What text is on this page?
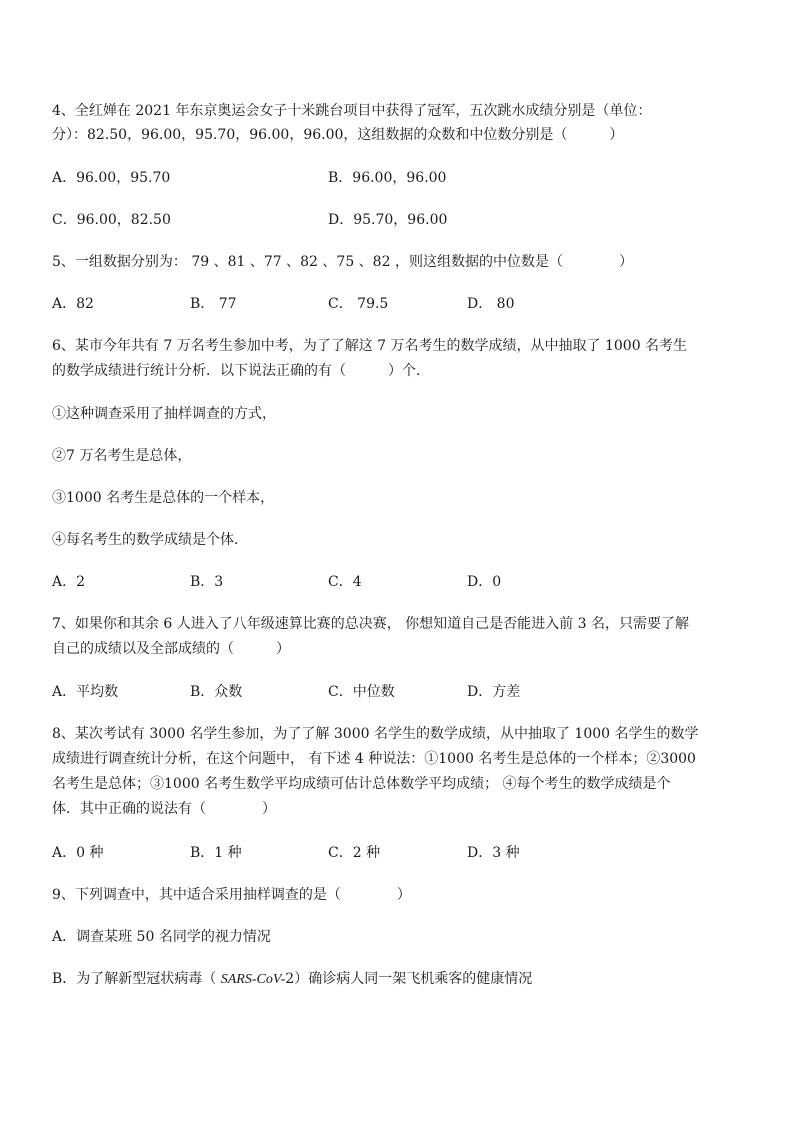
4、全红婵在 2021 年东京奥运会女子十米跳台项目中获得了冠军，五次跳水成绩分别是（单位：
分）：82.50，96.00，95.70，96.00，96.00，这组数据的众数和中位数分别是（　　　）
A．96.00，95.70	B．96.00，96.00
C．96.00，82.50	D．95.70，96.00
5、一组数据分别为： 79 、81 、77 、82 、75 、82 ，则这组数据的中位数是（　　　　）
A．82	B． 77	C． 79.5	D． 80
6、某市今年共有 7 万名考生参加中考，为了了解这 7 万名考生的数学成绩，从中抽取了 1000 名考生
的数学成绩进行统计分析．以下说法正确的有（　　　）个．
①这种调查采用了抽样调查的方式，
②7 万名考生是总体，
③1000 名考生是总体的一个样本，
④每名考生的数学成绩是个体．
A．2	B．3	C．4	D．0
7、如果你和其余 6 人进入了八年级速算比赛的总决赛， 你想知道自己是否能进入前 3 名，只需要了解
自己的成绩以及全部成绩的（　　　）
A．平均数	B．众数	C．中位数	D．方差
8、某次考试有 3000 名学生参加，为了了解 3000 名学生的数学成绩，从中抽取了 1000 名学生的数学
成绩进行调查统计分析，在这个问题中， 有下述 4 种说法：①1000 名考生是总体的一个样本；②3000
名考生是总体；③1000 名考生数学平均成绩可估计总体数学平均成绩； ④每个考生的数学成绩是个
体．其中正确的说法有（　　　　）
A．0 种	B．1 种	C．2 种	D．3 种
9、下列调查中，其中适合采用抽样调查的是（　　　　）
A．调查某班 50 名同学的视力情况
B．为了解新型冠状病毒（ SARS-CoV-2）确诊病人同一架飞机乘客的健康情况
